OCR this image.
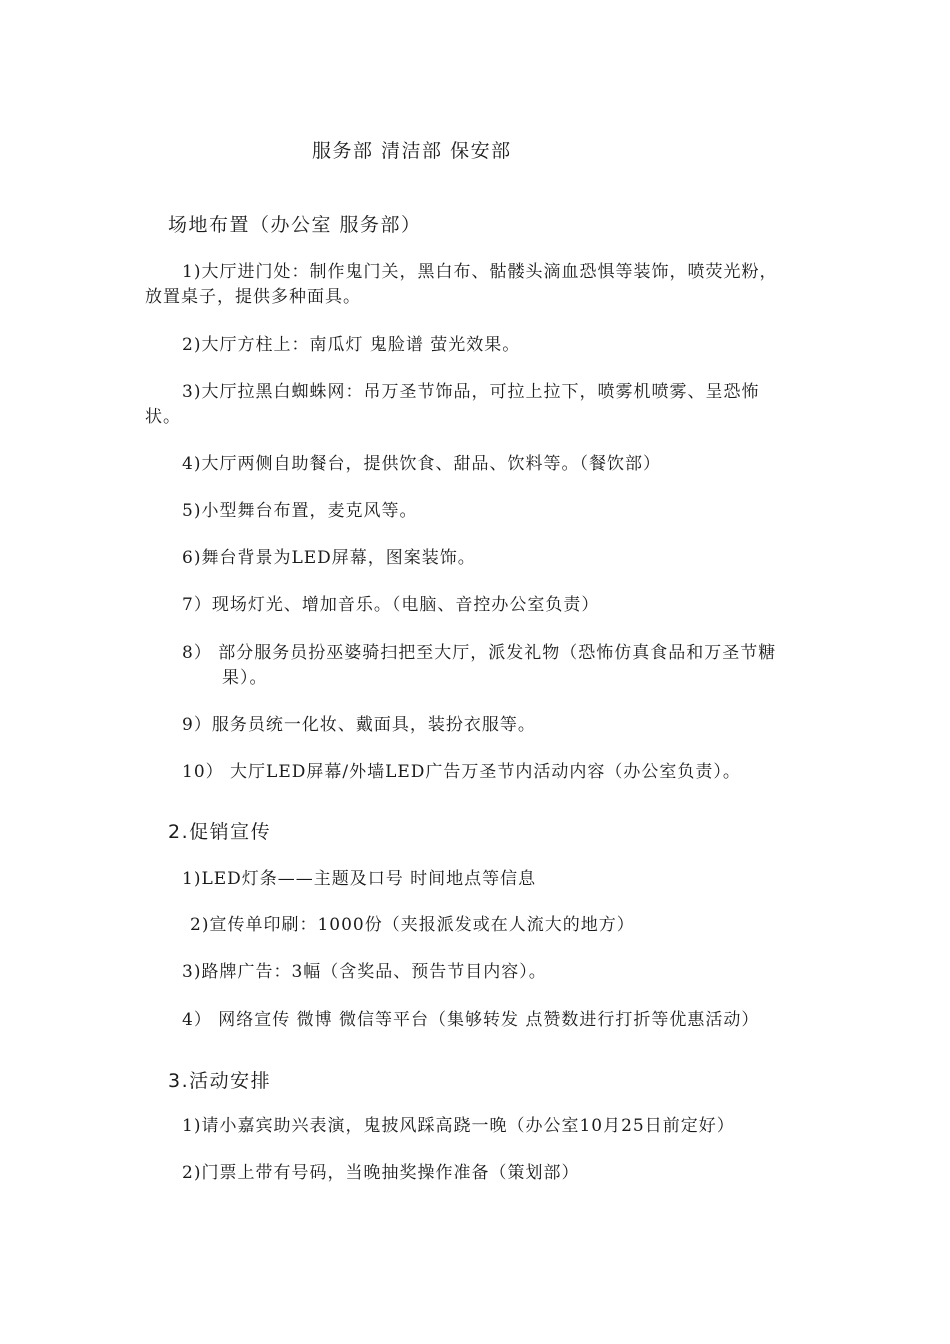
服务部 清洁部 保安部
场地布置（办公室 服务部）
1)大厅进门处：制作鬼门关，黑白布、骷髅头滴血恐惧等装饰，喷荧光粉，
放置桌子，提供多种面具。
2)大厅方柱上：南瓜灯 鬼脸谱 萤光效果。
3)大厅拉黑白蜘蛛网：吊万圣节饰品，可拉上拉下，喷雾机喷雾、呈恐怖
状。
4)大厅两侧自助餐台，提供饮食、甜品、饮料等。（餐饮部）
5)小型舞台布置，麦克风等。
6)舞台背景为LED屏幕，图案装饰。
7）现场灯光、增加音乐。（电脑、音控办公室负责）
8） 部分服务员扮巫婆骑扫把至大厅，派发礼物（恐怖仿真食品和万圣节糖
果）。
9）服务员统一化妆、戴面具，装扮衣服等。
10） 大厅LED屏幕/外墙LED广告万圣节内活动内容（办公室负责）。
2.促销宣传
1)LED灯条——主题及口号 时间地点等信息
2)宣传单印刷：1000份（夹报派发或在人流大的地方）
3)路牌广告：3幅（含奖品、预告节目内容）。
4） 网络宣传 微博 微信等平台（集够转发 点赞数进行打折等优惠活动）
3.活动安排
1)请小嘉宾助兴表演，鬼披风踩高跷一晚（办公室10月25日前定好）
2)门票上带有号码，当晚抽奖操作准备（策划部）
